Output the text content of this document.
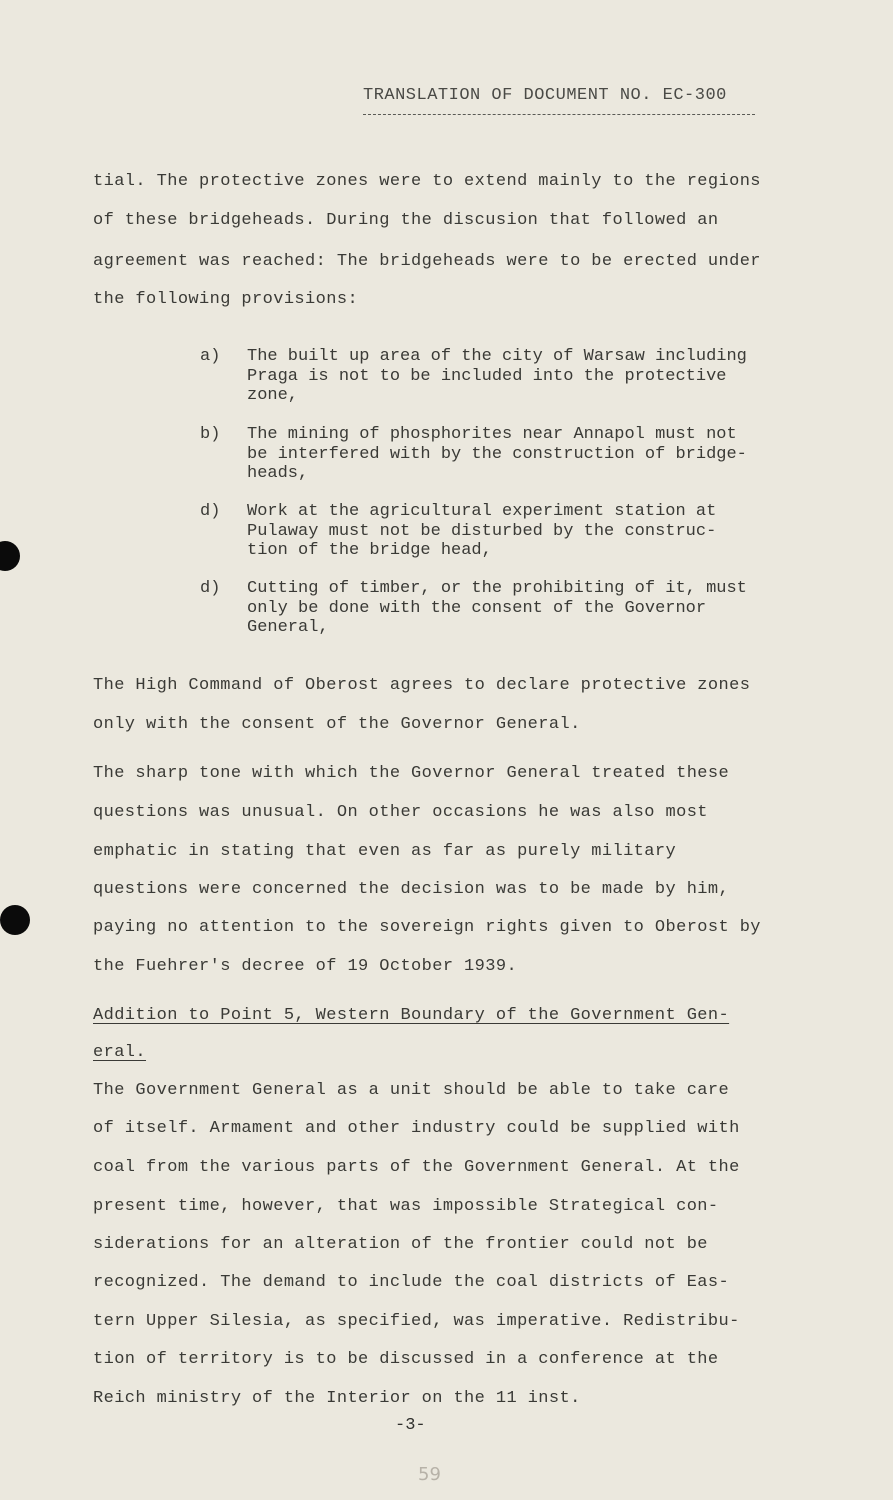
TRANSLATION OF DOCUMENT NO. EC-300
tial. The protective zones were to extend mainly to the regions
of these bridgeheads. During the discusion that followed an
agreement was reached: The bridgeheads were to be erected under
the following provisions:
a)	The built up area of the city of Warsaw including
Praga is not to be included into the protective
zone,
b)	The mining of phosphorites near Annapol must not
be interfered with by the construction of bridge-
heads,
d)	Work at the agricultural experiment station at
Pulaway must not be disturbed by the construc-
tion of the bridge head,
d)	Cutting of timber, or the prohibiting of it, must
only be done with the consent of the Governor
General,
The High Command of Oberost agrees to declare protective zones
only with the consent of the Governor General.
The sharp tone with which the Governor General treated these
questions was unusual. On other occasions he was also most
emphatic in stating that even as far as purely military
questions were concerned the decision was to be made by him,
paying no attention to the sovereign rights given to Oberost by
the Fuehrer's decree of 19 October 1939.
Addition to Point 5, Western Boundary of the Government Gen-
eral.
The Government General as a unit should be able to take care
of itself. Armament and other industry could be supplied with
coal from the various parts of the Government General. At the
present time, however, that was impossible Strategical con-
siderations for an alteration of the frontier could not be
recognized. The demand to include the coal districts of Eas-
tern Upper Silesia, as specified, was imperative. Redistribu-
tion of territory is to be discussed in a conference at the
Reich ministry of the Interior on the 11 inst.
-3-
59
